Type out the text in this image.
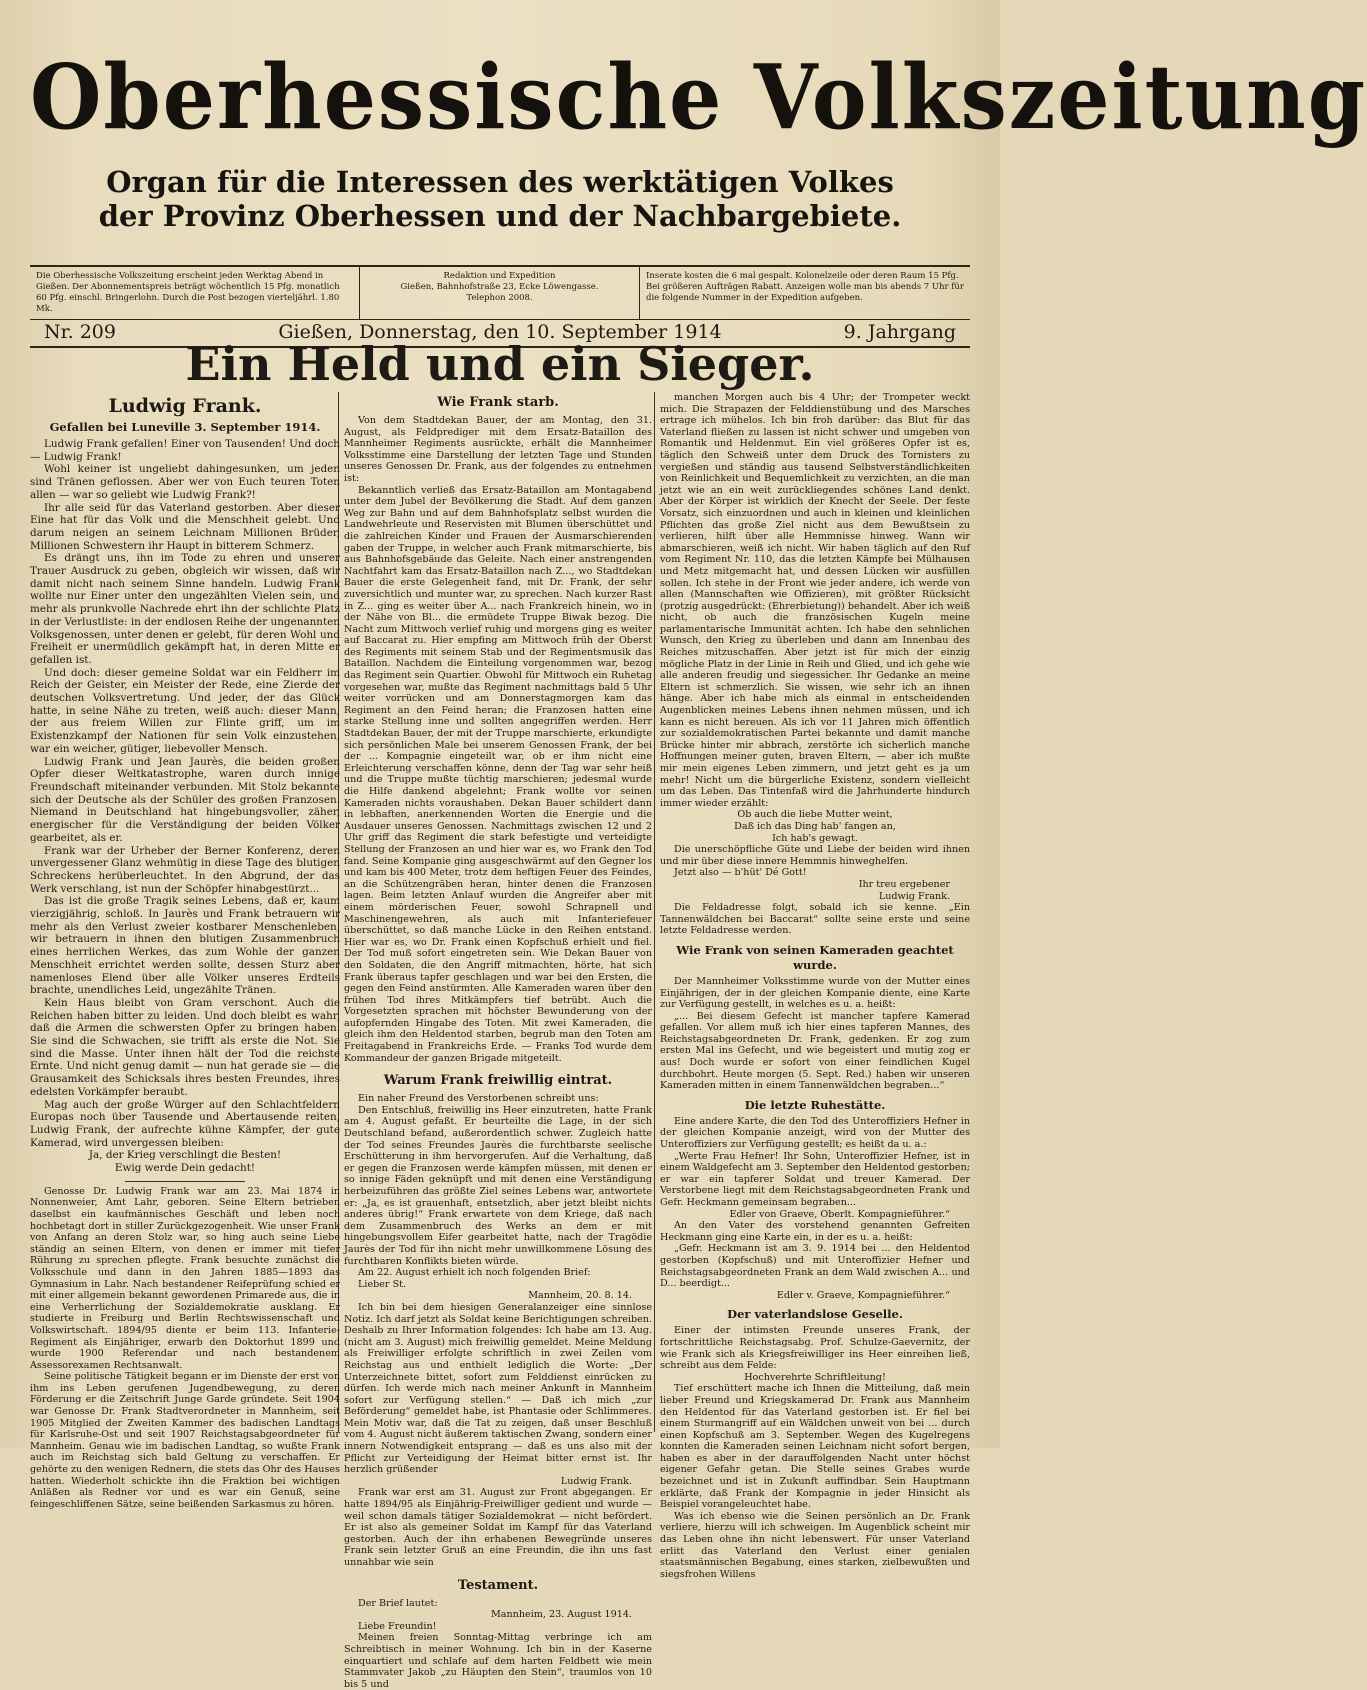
Oberhessische Volkszeitung
Organ für die Interessen des werktätigen Volkes
der Provinz Oberhessen und der Nachbargebiete.
Die Oberhessische Volkszeitung erscheint jeden Werktag Abend in Gießen. Der Abonnementspreis beträgt wöchentlich 15 Pfg. monatlich 60 Pfg. einschl. Bringerlohn. Durch die Post bezogen vierteljährl. 1.80 Mk.
Redaktion und Expedition
Gießen, Bahnhofstraße 23, Ecke Löwengasse.
Telephon 2008.
Inserate kosten die 6 mal gespalt. Kolonelzeile oder deren Raum 15 Pfg. Bei größeren Aufträgen Rabatt. Anzeigen wolle man bis abends 7 Uhr für die folgende Nummer in der Expedition aufgeben.
Gießen, Donnerstag, den 10. September 1914
Nr. 209	9. Jahrgang
Ein Held und ein Sieger.
Ludwig Frank.
Gefallen bei Luneville 3. September 1914.

Ludwig Frank gefallen! Einer von Tausenden! Und doch — Ludwig Frank!

Wohl keiner ist ungeliebt dahingesunken, um jeden sind Tränen geflossen. Aber wer von Euch teuren Toten allen — war so geliebt wie Ludwig Frank?!

Ihr alle seid für das Vaterland gestorben. Aber dieser Eine hat für das Volk und die Menschheit gelebt. Und darum neigen an seinem Leichnam Millionen Brüder, Millionen Schwestern ihr Haupt in bitterem Schmerz.

Es drängt uns, ihn im Tode zu ehren und unserer Trauer Ausdruck zu geben, obgleich wir wissen, daß wir damit nicht nach seinem Sinne handeln. Ludwig Frank wollte nur Einer unter den ungezählten Vielen sein, und mehr als prunkvolle Nachrede ehrt ihn der schlichte Platz in der Verlustliste: in der endlosen Reihe der ungenannten Volksgenossen, unter denen er gelebt, für deren Wohl und Freiheit er unermüdlich gekämpft hat, in deren Mitte er gefallen ist.

Und doch: dieser gemeine Soldat war ein Feldherr im Reich der Geister, ein Meister der Rede, eine Zierde der deutschen Volksvertretung. Und jeder, der das Glück hatte, in seine Nähe zu treten, weiß auch: dieser Mann, der aus freiem Willen zur Flinte griff, um im Existenzkampf der Nationen für sein Volk einzustehen, war ein weicher, gütiger, liebevoller Mensch.

Ludwig Frank und Jean Jaurès, die beiden großen Opfer dieser Weltkatastrophe, waren durch innige Freundschaft miteinander verbunden. Mit Stolz bekannte sich der Deutsche als der Schüler des großen Franzosen. Niemand in Deutschland hat hingebungsvoller, zäher, energischer für die Verständigung der beiden Völker gearbeitet, als er.

Frank war der Urheber der Berner Konferenz, deren unvergessener Glanz wehmütig in diese Tage des blutigen Schreckens herüberleuchtet. In den Abgrund, der das Werk verschlang, ist nun der Schöpfer hinabgestürzt...

Das ist die große Tragik seines Lebens, daß er, kaum vierzigjährig, schloß. In Jaurès und Frank betrauern wir mehr als den Verlust zweier kostbarer Menschenleben, wir betrauern in ihnen den blutigen Zusammenbruch eines herrlichen Werkes, das zum Wohle der ganzen Menschheit errichtet werden sollte, dessen Sturz aber namenloses Elend über alle Völker unseres Erdteils brachte, unendliches Leid, ungezählte Tränen.

Kein Haus bleibt von Gram verschont. Auch die Reichen haben bitter zu leiden. Und doch bleibt es wahr, daß die Armen die schwersten Opfer zu bringen haben. Sie sind die Schwachen, sie trifft als erste die Not. Sie sind die Masse. Unter ihnen hält der Tod die reichste Ernte. Und nicht genug damit — nun hat gerade sie — die Grausamkeit des Schicksals ihres besten Freundes, ihres edelsten Vorkämpfer beraubt.

Mag auch der große Würger auf den Schlachtfeldern Europas noch über Tausende und Abertausende reiten, Ludwig Frank, der aufrechte kühne Kämpfer, der gute Kamerad, wird unvergessen bleiben:

Ja, der Krieg verschlingt die Besten!

Ewig werde Dein gedacht!

Genosse Dr. Ludwig Frank war am 23. Mai 1874 in Nonnenweier, Amt Lahr, geboren. Seine Eltern betrieben daselbst ein kaufmännisches Geschäft und leben noch hochbetagt dort in stiller Zurückgezogenheit. Wie unser Frank von Anfang an deren Stolz war, so hing auch seine Liebe ständig an seinen Eltern, von denen er immer mit tiefer Rührung zu sprechen pflegte. Frank besuchte zunächst die Volksschule und dann in den Jahren 1885—1893 das Gymnasium in Lahr. Nach bestandener Reifeprüfung schied er mit einer allgemein bekannt gewordenen Primarede aus, die in eine Verherrlichung der Sozialdemokratie ausklang. Er studierte in Freiburg und Berlin Rechtswissenschaft und Volkswirtschaft. 1894/95 diente er beim 113. Infanterie-Regiment als Einjähriger, erwarb den Doktorhut 1899 und wurde 1900 Referendar und nach bestandenem Assessorexamen Rechtsanwalt.

Seine politische Tätigkeit begann er im Dienste der erst von ihm ins Leben gerufenen Jugendbewegung, zu deren Förderung er die Zeitschrift Junge Garde gründete. Seit 1904 war Genosse Dr. Frank Stadtverordneter in Mannheim, seit 1905 Mitglied der Zweiten Kammer des badischen Landtags für Karlsruhe-Ost und seit 1907 Reichstagsabgeordneter für Mannheim. Genau wie im badischen Landtag, so wußte Frank auch im Reichstag sich bald Geltung zu verschaffen. Er gehörte zu den wenigen Rednern, die stets das Ohr des Hauses hatten. Wiederholt schickte ihn die Fraktion bei wichtigen Anläßen als Redner vor und es war ein Genuß, seine feingeschliffenen Sätze, seine beißenden Sarkasmus zu hören.

Wie Frank starb.

Von dem Stadtdekan Bauer, der am Montag, den 31. August, als Feldprediger mit dem Ersatz-Bataillon des Mannheimer Regiments ausrückte, erhält die Mannheimer Volksstimme eine Darstellung der letzten Tage und Stunden unseres Genossen Dr. Frank, aus der folgendes zu entnehmen ist:

Bekanntlich verließ das Ersatz-Bataillon am Montagabend unter dem Jubel der Bevölkerung die Stadt. Auf dem ganzen Weg zur Bahn und auf dem Bahnhofsplatz selbst wurden die Landwehrleute und Reservisten mit Blumen überschüttet und die zahlreichen Kinder und Frauen der Ausmarschierenden gaben der Truppe, in welcher auch Frank mitmarschierte, bis aus Bahnhofsgebäude das Geleite. Nach einer anstrengenden Nachtfahrt kam das Ersatz-Bataillon nach Z..., wo Stadtdekan Bauer die erste Gelegenheit fand, mit Dr. Frank, der sehr zuversichtlich und munter war, zu sprechen. Nach kurzer Rast in Z... ging es weiter über A... nach Frankreich hinein, wo in der Nähe von Bl... die ermüdete Truppe Biwak bezog. Die Nacht zum Mittwoch verlief ruhig und morgens ging es weiter auf Baccarat zu. Hier empfing am Mittwoch früh der Oberst des Regiments mit seinem Stab und der Regimentsmusik das Bataillon. Nachdem die Einteilung vorgenommen war, bezog das Regiment sein Quartier. Obwohl für Mittwoch ein Ruhetag vorgesehen war, mußte das Regiment nachmittags bald 5 Uhr weiter vorrücken und am Donnerstagmorgen kam das Regiment an den Feind heran; die Franzosen hatten eine starke Stellung inne und sollten angegriffen werden. Herr Stadtdekan Bauer, der mit der Truppe marschierte, erkundigte sich persönlichen Male bei unserem Genossen Frank, der bei der ... Kompagnie eingeteilt war, ob er ihm nicht eine Erleichterung verschaffen könne, denn der Tag war sehr heiß und die Truppe mußte tüchtig marschieren; jedesmal wurde die Hilfe dankend abgelehnt; Frank wollte vor seinen Kameraden nichts voraushaben. Dekan Bauer schildert dann in lebhaften, anerkennenden Worten die Energie und die Ausdauer unseres Genossen. Nachmittags zwischen 12 und 2 Uhr griff das Regiment die stark befestigte und verteidigte Stellung der Franzosen an und hier war es, wo Frank den Tod fand. Seine Kompanie ging ausgeschwärmt auf den Gegner los und kam bis 400 Meter, trotz dem heftigen Feuer des Feindes, an die Schützengräben heran, hinter denen die Franzosen lagen. Beim letzten Anlauf wurden die Angreifer aber mit einem mörderischen Feuer, sowohl Schrapnell und Maschinengewehren, als auch mit Infanteriefeuer überschüttet, so daß manche Lücke in den Reihen entstand. Hier war es, wo Dr. Frank einen Kopfschuß erhielt und fiel. Der Tod muß sofort eingetreten sein. Wie Dekan Bauer von den Soldaten, die den Angriff mitmachten, hörte, hat sich Frank überaus tapfer geschlagen und war bei den Ersten, die gegen den Feind anstürmten. Alle Kameraden waren über den frühen Tod ihres Mitkämpfers tief betrübt. Auch die Vorgesetzten sprachen mit höchster Bewunderung von der aufopfernden Hingabe des Toten. Mit zwei Kameraden, die gleich ihm den Heldentod starben, begrub man den Toten am Freitagabend in Frankreichs Erde. — Franks Tod wurde dem Kommandeur der ganzen Brigade mitgeteilt.

Warum Frank freiwillig eintrat.

Ein naher Freund des Verstorbenen schreibt uns:

Den Entschluß, freiwillig ins Heer einzutreten, hatte Frank am 4. August gefaßt. Er beurteilte die Lage, in der sich Deutschland befand, außerordentlich schwer. Zugleich hatte der Tod seines Freundes Jaurès die furchtbarste seelische Erschütterung in ihm hervorgerufen. Auf die Verhaltung, daß er gegen die Franzosen werde kämpfen müssen, mit denen er so innige Fäden geknüpft und mit denen eine Verständigung herbeizuführen das größte Ziel seines Lebens war, antwortete er: „Ja, es ist grauenhaft, entsetzlich, aber jetzt bleibt nichts anderes übrig!“ Frank erwartete von dem Kriege, daß nach dem Zusammenbruch des Werks an dem er mit hingebungsvollem Eifer gearbeitet hatte, nach der Tragödie Jaurès der Tod für ihn nicht mehr unwillkommene Lösung des furchtbaren Konflikts bieten würde.

Am 22. August erhielt ich noch folgenden Brief:

Lieber St.

Mannheim, 20. 8. 14.

Ich bin bei dem hiesigen Generalanzeiger eine sinnlose Notiz. Ich darf jetzt als Soldat keine Berichtigungen schreiben. Deshalb zu Ihrer Information folgendes: Ich habe am 13. Aug. (nicht am 3. August) mich freiwillig gemeldet. Meine Meldung als Freiwilliger erfolgte schriftlich in zwei Zeilen vom Reichstag aus und enthielt lediglich die Worte: „Der Unterzeichnete bittet, sofort zum Felddienst einrücken zu dürfen. Ich werde mich nach meiner Ankunft in Mannheim sofort zur Verfügung stellen.“ — Daß ich mich „zur Beförderung“ gemeldet habe, ist Phantasie oder Schlimmeres. Mein Motiv war, daß die Tat zu zeigen, daß unser Beschluß vom 4. August nicht äußerem taktischen Zwang, sondern einer innern Notwendigkeit entsprang — daß es uns also mit der Pflicht zur Verteidigung der Heimat bitter ernst ist. Ihr herzlich grüßender

Ludwig Frank.

Frank war erst am 31. August zur Front abgegangen. Er hatte 1894/95 als Einjährig-Freiwilliger gedient und wurde — weil schon damals tätiger Sozialdemokrat — nicht befördert. Er ist also als gemeiner Soldat im Kampf für das Vaterland gestorben. Auch der ihn erhabenen Bewegründe unseres Frank sein letzter Gruß an eine Freundin, die ihn uns fast unnahbar wie sein

Testament.

Der Brief lautet:

Mannheim, 23. August 1914.

Liebe Freundin!

Meinen freien Sonntag-Mittag verbringe ich am Schreibtisch in meiner Wohnung. Ich bin in der Kaserne einquartiert und schlafe auf dem harten Feldbett wie mein Stammvater Jakob „zu Häupten den Stein“, traumlos von 10 bis 5 und

manchen Morgen auch bis 4 Uhr; der Trompeter weckt mich. Die Strapazen der Felddienstübung und des Marsches ertrage ich mühelos. Ich bin froh darüber: das Blut für das Vaterland fließen zu lassen ist nicht schwer und umgeben von Romantik und Heldenmut. Ein viel größeres Opfer ist es, täglich den Schweiß unter dem Druck des Tornisters zu vergießen und ständig aus tausend Selbstverständlichkeiten von Reinlichkeit und Bequemlichkeit zu verzichten, an die man jetzt wie an ein weit zurückliegendes schönes Land denkt. Aber der Körper ist wirklich der Knecht der Seele. Der feste Vorsatz, sich einzuordnen und auch in kleinen und kleinlichen Pflichten das große Ziel nicht aus dem Bewußtsein zu verlieren, hilft über alle Hemmnisse hinweg. Wann wir abmarschieren, weiß ich nicht. Wir haben täglich auf den Ruf vom Regiment Nr. 110, das die letzten Kämpfe bei Mülhausen und Metz mitgemacht hat, und dessen Lücken wir ausfüllen sollen. Ich stehe in der Front wie jeder andere, ich werde von allen (Mannschaften wie Offizieren), mit größter Rücksicht (protzig ausgedrückt: (Ehrerbietung)) behandelt. Aber ich weiß nicht, ob auch die französischen Kugeln meine parlamentarische Immunität achten. Ich habe den sehnlichen Wunsch, den Krieg zu überleben und dann am Innenbau des Reiches mitzuschaffen. Aber jetzt ist für mich der einzig mögliche Platz in der Linie in Reih und Glied, und ich gehe wie alle anderen freudig und siegessicher. Ihr Gedanke an meine Eltern ist schmerzlich. Sie wissen, wie sehr ich an ihnen hänge. Aber ich habe mich als einmal in entscheidenden Augenblicken meines Lebens ihnen nehmen müssen, und ich kann es nicht bereuen. Als ich vor 11 Jahren mich öffentlich zur sozialdemokratischen Partei bekannte und damit manche Brücke hinter mir abbrach, zerstörte ich sicherlich manche Hoffnungen meiner guten, braven Eltern, — aber ich mußte mir mein eigenes Leben zimmern, und jetzt geht es ja um mehr! Nicht um die bürgerliche Existenz, sondern vielleicht um das Leben. Das Tintenfaß wird die Jahrhunderte hindurch immer wieder erzählt:

Ob auch die liebe Mutter weint,

Daß ich das Ding hab' fangen an,

Ich hab's gewagt.

Die unerschöpfliche Güte und Liebe der beiden wird ihnen und mir über diese innere Hemmnis hinweghelfen.

Jetzt also — b'hüt' Dé Gott!

Ihr treu ergebener

Ludwig Frank.

Die Feldadresse folgt, sobald ich sie kenne. „Ein Tannenwäldchen bei Baccarat“ sollte seine erste und seine letzte Feldadresse werden.

Wie Frank von seinen Kameraden geachtet wurde.

Der Mannheimer Volksstimme wurde von der Mutter eines Einjährigen, der in der gleichen Kompanie diente, eine Karte zur Verfügung gestellt, in welches es u. a. heißt:

„... Bei diesem Gefecht ist mancher tapfere Kamerad gefallen. Vor allem muß ich hier eines tapferen Mannes, des Reichstagsabgeordneten Dr. Frank, gedenken. Er zog zum ersten Mal ins Gefecht, und wie begeistert und mutig zog er aus! Doch wurde er sofort von einer feindlichen Kugel durchbohrt. Heute morgen (5. Sept. Red.) haben wir unseren Kameraden mitten in einem Tannenwäldchen begraben...“

Die letzte Ruhestätte.

Eine andere Karte, die den Tod des Unteroffiziers Hefner in der gleichen Kompanie anzeigt, wird von der Mutter des Unteroffiziers zur Verfügung gestellt; es heißt da u. a.:

„Werte Frau Hefner! Ihr Sohn, Unteroffizier Hefner, ist in einem Waldgefecht am 3. September den Heldentod gestorben; er war ein tapferer Soldat und treuer Kamerad. Der Verstorbene liegt mit dem Reichstagsabgeordneten Frank und Gefr. Heckmann gemeinsam begraben...

Edler von Graeve, Oberlt. Kompagnieführer.“

An den Vater des vorstehend genannten Gefreiten Heckmann ging eine Karte ein, in der es u. a. heißt:

„Gefr. Heckmann ist am 3. 9. 1914 bei ... den Heldentod gestorben (Kopfschuß) und mit Unteroffizier Hefner und Reichstagsabgeordneten Frank an dem Wald zwischen A... und D... beerdigt...

Edler v. Graeve, Kompagnieführer.“

Der vaterlandslose Geselle.

Einer der intimsten Freunde unseres Frank, der fortschrittliche Reichstagsabg. Prof. Schulze-Gaevernitz, der wie Frank sich als Kriegsfreiwilliger ins Heer einreihen ließ, schreibt aus dem Felde:

Hochverehrte Schriftleitung!

Tief erschüttert mache ich Ihnen die Mitteilung, daß mein lieber Freund und Kriegskamerad Dr. Frank aus Mannheim den Heldentod für das Vaterland gestorben ist. Er fiel bei einem Sturmangriff auf ein Wäldchen unweit von bei ... durch einen Kopfschuß am 3. September. Wegen des Kugelregens konnten die Kameraden seinen Leichnam nicht sofort bergen, haben es aber in der darauffolgenden Nacht unter höchst eigener Gefahr getan. Die Stelle seines Grabes wurde bezeichnet und ist in Zukunft auffindbar. Sein Hauptmann erklärte, daß Frank der Kompagnie in jeder Hinsicht als Beispiel vorangeleuchtet habe.

Was ich ebenso wie die Seinen persönlich an Dr. Frank verliere, hierzu will ich schweigen. Im Augenblick scheint mir das Leben ohne ihn nicht lebenswert. Für unser Vaterland erlitt das Vaterland den Verlust einer genialen staatsmännischen Begabung, eines starken, zielbewußten und siegsfrohen Willens
